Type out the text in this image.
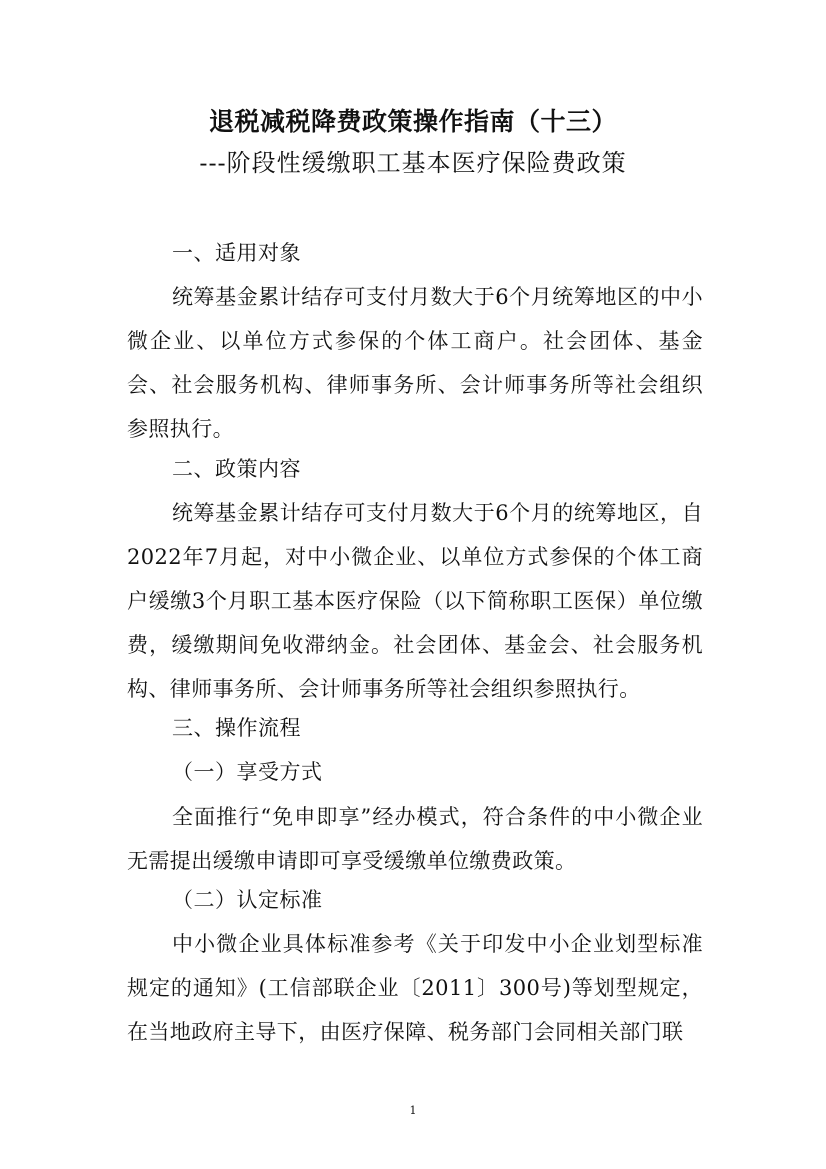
退税减税降费政策操作指南（十三）
---阶段性缓缴职工基本医疗保险费政策
一、适用对象
统筹基金累计结存可支付月数大于6个月统筹地区的中小微企业、以单位方式参保的个体工商户。社会团体、基金会、社会服务机构、律师事务所、会计师事务所等社会组织参照执行。
二、政策内容
统筹基金累计结存可支付月数大于6个月的统筹地区，自2022年7月起，对中小微企业、以单位方式参保的个体工商户缓缴3个月职工基本医疗保险（以下简称职工医保）单位缴费，缓缴期间免收滞纳金。社会团体、基金会、社会服务机构、律师事务所、会计师事务所等社会组织参照执行。
三、操作流程
（一）享受方式
全面推行“免申即享”经办模式，符合条件的中小微企业无需提出缓缴申请即可享受缓缴单位缴费政策。
（二）认定标准
中小微企业具体标准参考《关于印发中小企业划型标准规定的通知》(工信部联企业〔2011〕300号)等划型规定，在当地政府主导下，由医疗保障、税务部门会同相关部门联
1
